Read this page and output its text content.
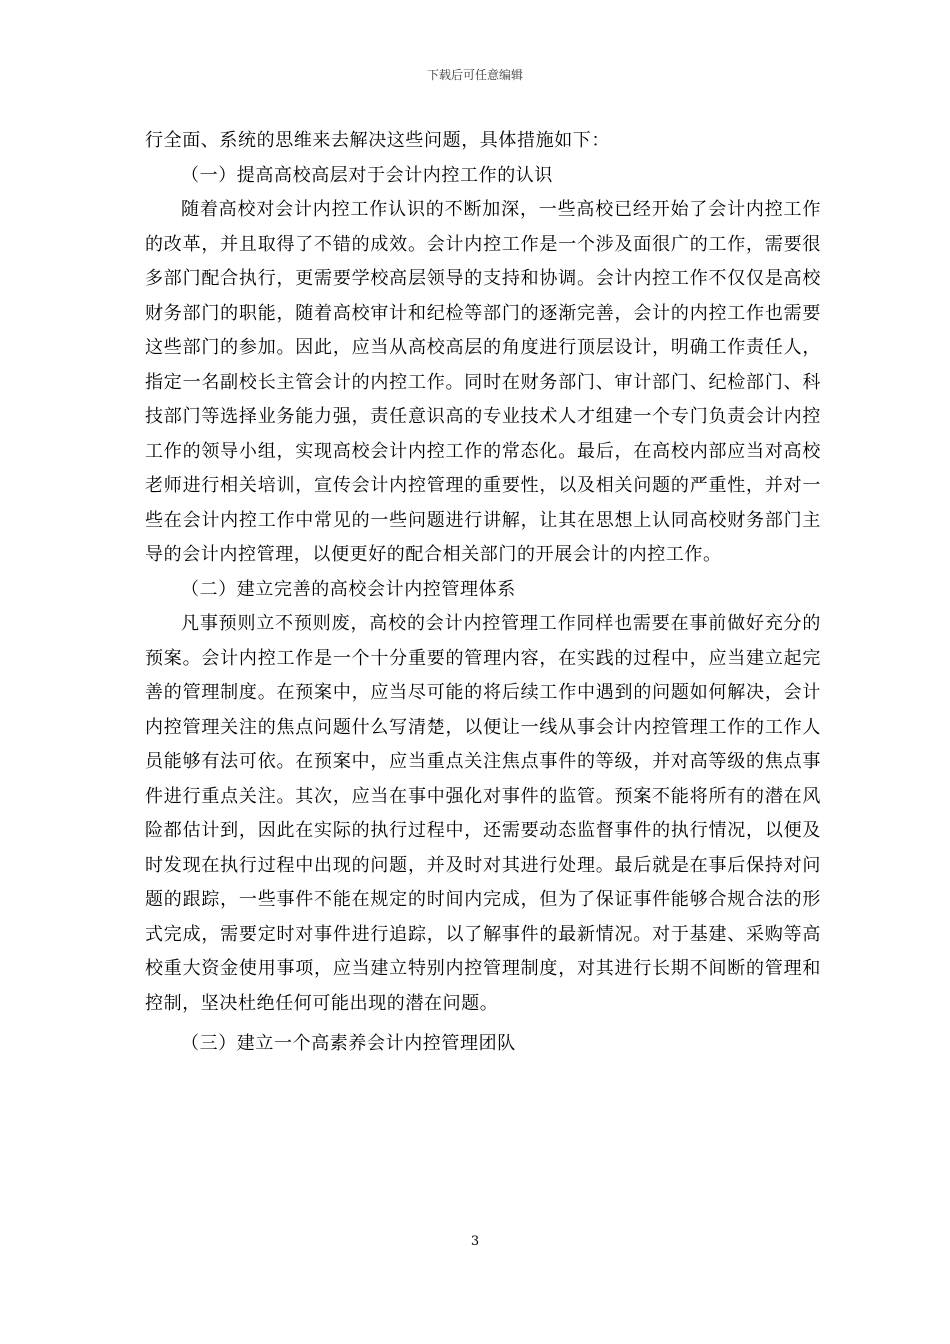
下载后可任意编辑

行全面、系统的思维来去解决这些问题，具体措施如下：

（一）提高高校高层对于会计内控工作的认识

随着高校对会计内控工作认识的不断加深，一些高校已经开始了会计内控工作的改革，并且取得了不错的成效。会计内控工作是一个涉及面很广的工作，需要很多部门配合执行，更需要学校高层领导的支持和协调。会计内控工作不仅仅是高校财务部门的职能，随着高校审计和纪检等部门的逐渐完善，会计的内控工作也需要这些部门的参加。因此，应当从高校高层的角度进行顶层设计，明确工作责任人，指定一名副校长主管会计的内控工作。同时在财务部门、审计部门、纪检部门、科技部门等选择业务能力强，责任意识高的专业技术人才组建一个专门负责会计内控工作的领导小组，实现高校会计内控工作的常态化。最后，在高校内部应当对高校老师进行相关培训，宣传会计内控管理的重要性，以及相关问题的严重性，并对一些在会计内控工作中常见的一些问题进行讲解，让其在思想上认同高校财务部门主导的会计内控管理，以便更好的配合相关部门的开展会计的内控工作。

（二）建立完善的高校会计内控管理体系

凡事预则立不预则废，高校的会计内控管理工作同样也需要在事前做好充分的预案。会计内控工作是一个十分重要的管理内容，在实践的过程中，应当建立起完善的管理制度。在预案中，应当尽可能的将后续工作中遇到的问题如何解决，会计内控管理关注的焦点问题什么写清楚，以便让一线从事会计内控管理工作的工作人员能够有法可依。在预案中，应当重点关注焦点事件的等级，并对高等级的焦点事件进行重点关注。其次，应当在事中强化对事件的监管。预案不能将所有的潜在风险都估计到，因此在实际的执行过程中，还需要动态监督事件的执行情况，以便及时发现在执行过程中出现的问题，并及时对其进行处理。最后就是在事后保持对问题的跟踪，一些事件不能在规定的时间内完成，但为了保证事件能够合规合法的形式完成，需要定时对事件进行追踪，以了解事件的最新情况。对于基建、采购等高校重大资金使用事项，应当建立特别内控管理制度，对其进行长期不间断的管理和控制，坚决杜绝任何可能出现的潜在问题。

（三）建立一个高素养会计内控管理团队

3
